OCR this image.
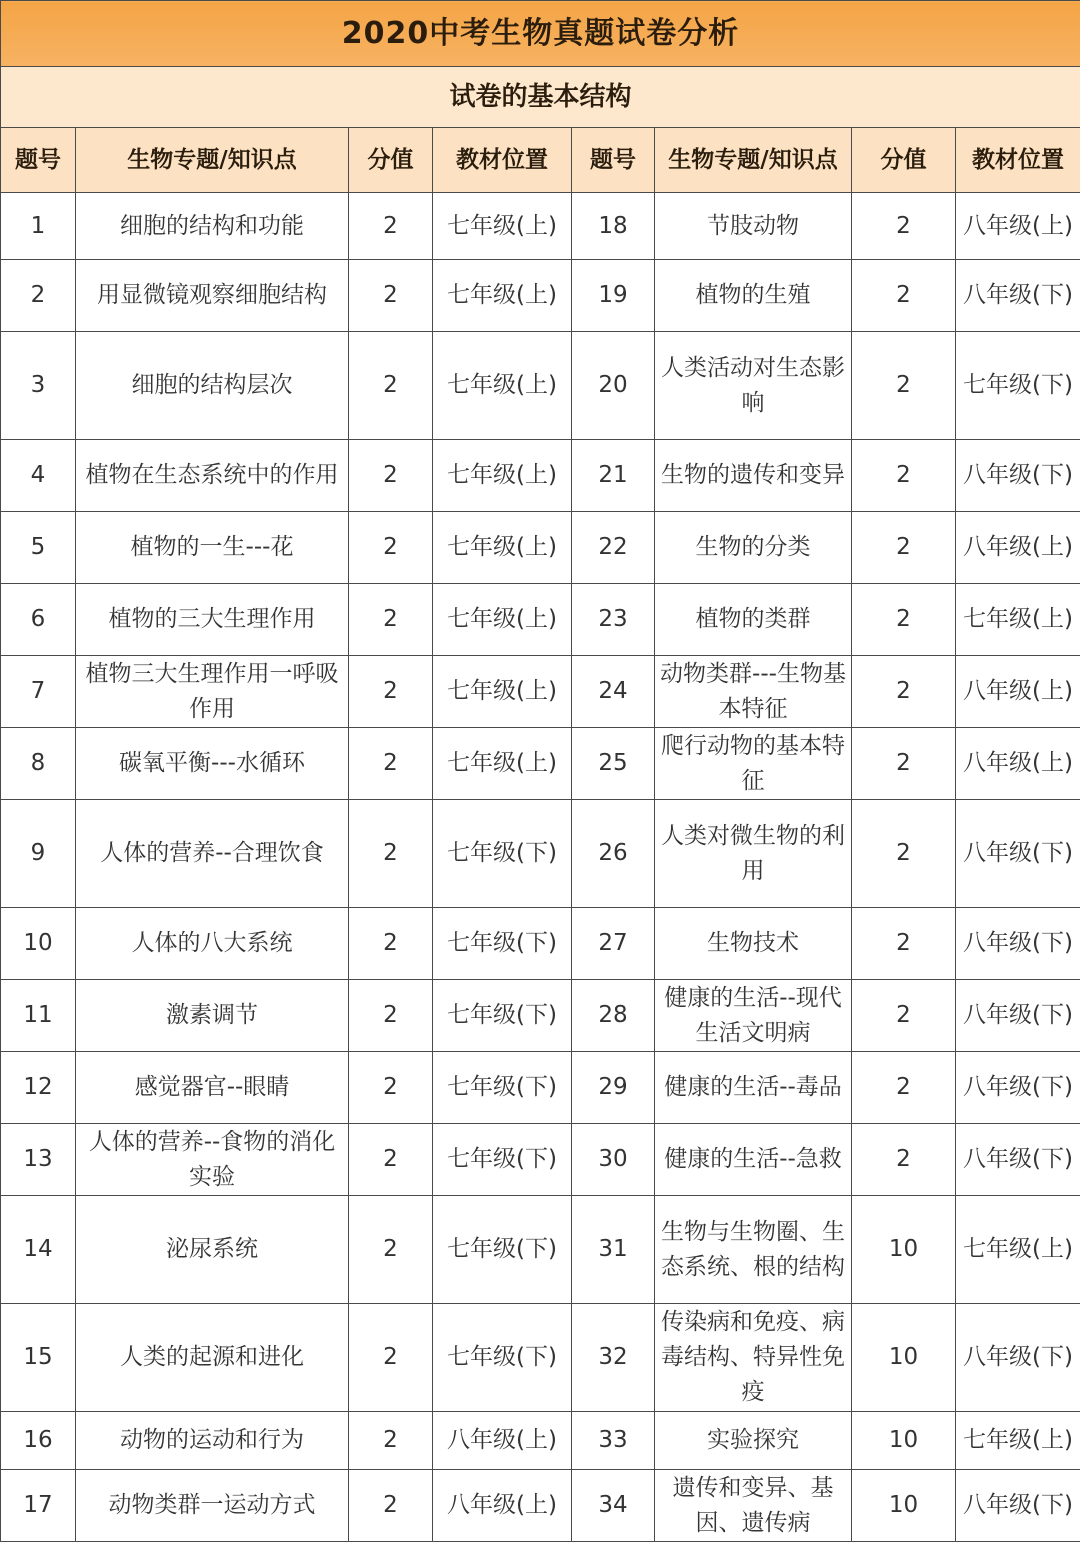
2020中考生物真题试卷分析							
试卷的基本结构							
题号	生物专题/知识点	分值	教材位置	题号	生物专题/知识点	分值	教材位置
1	细胞的结构和功能	2	七年级(上)	18	节肢动物	2	八年级(上)
2	用显微镜观察细胞结构	2	七年级(上)	19	植物的生殖	2	八年级(下)
3	细胞的结构层次	2	七年级(上)	20	人类活动对生态影响	2	七年级(下)
4	植物在生态系统中的作用	2	七年级(上)	21	生物的遗传和变异	2	八年级(下)
5	植物的一生---花	2	七年级(上)	22	生物的分类	2	八年级(上)
6	植物的三大生理作用	2	七年级(上)	23	植物的类群	2	七年级(上)
7	植物三大生理作用一呼吸作用	2	七年级(上)	24	动物类群---生物基本特征	2	八年级(上)
8	碳氧平衡---水循环	2	七年级(上)	25	爬行动物的基本特征	2	八年级(上)
9	人体的营养--合理饮食	2	七年级(下)	26	人类对微生物的利用	2	八年级(下)
10	人体的八大系统	2	七年级(下)	27	生物技术	2	八年级(下)
11	激素调节	2	七年级(下)	28	健康的生活--现代生活文明病	2	八年级(下)
12	感觉器官--眼睛	2	七年级(下)	29	健康的生活--毒品	2	八年级(下)
13	人体的营养--食物的消化实验	2	七年级(下)	30	健康的生活--急救	2	八年级(下)
14	泌尿系统	2	七年级(下)	31	生物与生物圈、生态系统、根的结构	10	七年级(上)
15	人类的起源和进化	2	七年级(下)	32	传染病和免疫、病毒结构、特异性免疫	10	八年级(下)
16	动物的运动和行为	2	八年级(上)	33	实验探究	10	七年级(上)
17	动物类群一运动方式	2	八年级(上)	34	遗传和变异、基因、遗传病	10	八年级(下)
